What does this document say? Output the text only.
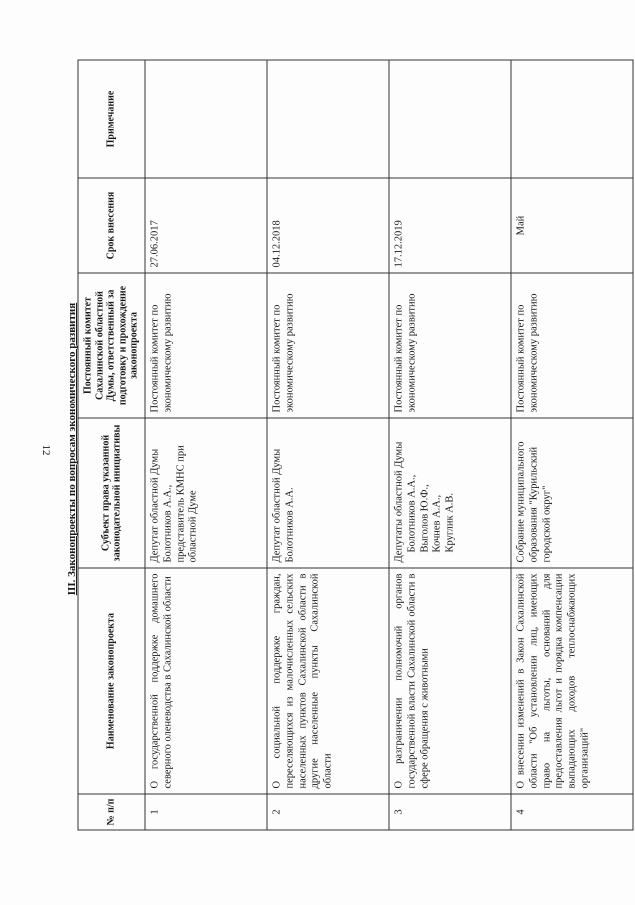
12 III. Законопроекты по вопросам экономического развития
№ п/п	Наименование законопроекта	Субъект права указанной законодательной инициативы	Постоянный комитет Сахалинской областной Думы, ответственный за подготовку и прохождение законопроекта	Срок внесения	Примечание
1	О государственной поддержке домашнего северного оленеводства в Сахалинской области	Депутат областной Думы Болотников А.А., представитель КМНС при областной Думе	Постоянный комитет по экономическому развитию	27.06.2017	
2	О социальной поддержке граждан, переселяющихся из малочисленных сельских населенных пунктов Сахалинской области в другие населенные пункты Сахалинской области	Депутат областной Думы Болотников А.А.	Постоянный комитет по экономическому развитию	04.12.2018	
3	О разграничении полномочий органов государственной власти Сахалинской области в сфере обращения с животными	Депутаты областной Думы Болотников А.А., Выголов Ю.Ф., Кочнев А.А., Круглик А.В.	Постоянный комитет по экономическому развитию	17.12.2019	
4	О внесении изменений в Закон Сахалинской области "Об установлении лиц, имеющих право на льготы, оснований для предоставления льгот и порядка компенсации выпадающих доходов теплоснабжающих организаций"	Собрание муниципального образования "Курильский городской округ"	Постоянный комитет по экономическому развитию	Май	
